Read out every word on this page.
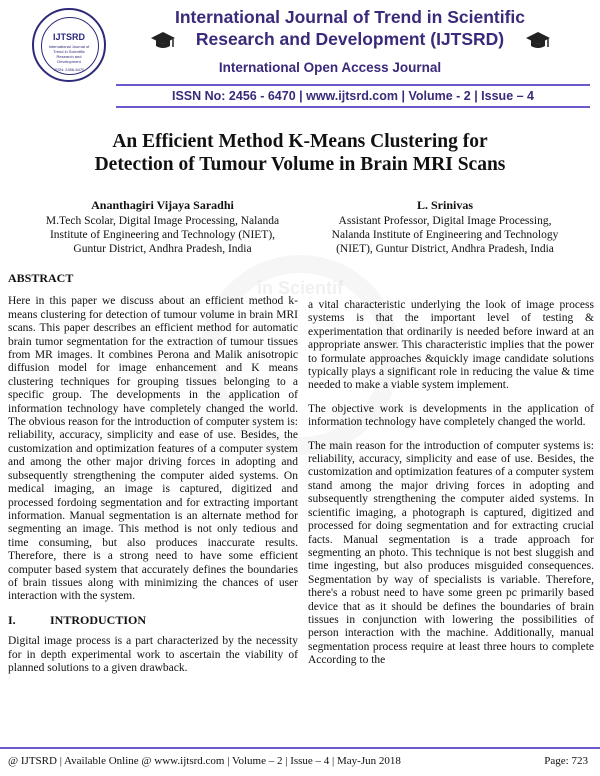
IJTSRD
International Journal of Trend in Scientific Research and Development
ISSN: 2456-6470
International Journal of Trend in Scientific
Research and Development (IJTSRD)
International Open Access Journal
ISSN No: 2456 - 6470 | www.ijtsrd.com | Volume - 2 | Issue – 4
in Scientif
An Efficient Method K-Means Clustering for
Detection of Tumour Volume in Brain MRI Scans
Ananthagiri Vijaya Saradhi
M.Tech Scolar, Digital Image Processing, Nalanda
Institute of Engineering and Technology (NIET),
Guntur District, Andhra Pradesh, India
L. Srinivas
Assistant Professor, Digital Image Processing,
Nalanda Institute of Engineering and Technology
(NIET), Guntur District, Andhra Pradesh, India
ABSTRACT

Here in this paper we discuss about an efficient method k-means clustering for detection of tumour volume in brain MRI scans. This paper describes an efficient method for automatic brain tumor segmentation for the extraction of tumour tissues from MR images. It combines Perona and Malik anisotropic diffusion model for image enhancement and K means clustering techniques for grouping tissues belonging to a specific group. The developments in the application of information technology have completely changed the world. The obvious reason for the introduction of computer system is: reliability, accuracy, simplicity and ease of use. Besides, the customization and optimization features of a computer system and among the other major driving forces in adopting and subsequently strengthening the computer aided systems. On medical imaging, an image is captured, digitized and processed fordoing segmentation and for extracting important information. Manual segmentation is an alternate method for segmenting an image. This method is not only tedious and time consuming, but also produces inaccurate results. Therefore, there is a strong need to have some efficient computer based system that accurately defines the boundaries of brain tissues along with minimizing the chances of user interaction with the system.

I.	INTRODUCTION

Digital image process is a part characterized by the necessity for in depth experimental work to ascertain the viability of planned solutions to a given drawback.

a vital characteristic underlying the look of image process systems is that the important level of testing & experimentation that ordinarily is needed before inward at an appropriate answer. This characteristic implies that the power to formulate approaches &quickly image candidate solutions typically plays a significant role in reducing the value & time needed to make a viable system implement.

The objective work is developments in the application of information technology have completely changed the world.

The main reason for the introduction of computer systems is: reliability, accuracy, simplicity and ease of use. Besides, the customization and optimization features of a computer system stand among the major driving forces in adopting and subsequently strengthening the computer aided systems. In scientific imaging, a photograph is captured, digitized and processed for doing segmentation and for extracting crucial facts. Manual segmentation is a trade approach for segmenting an photo. This technique is not best sluggish and time ingesting, but also produces misguided consequences. Segmentation by way of specialists is variable. Therefore, there's a robust need to have some green pc primarily based device that as it should be defines the boundaries of brain tissues in conjunction with lowering the possibilities of person interaction with the machine. Additionally, manual segmentation process require at least three hours to complete According to the

@ IJTSRD | Available Online @ www.ijtsrd.com | Volume – 2 | Issue – 4 | May-Jun 2018	Page: 723
